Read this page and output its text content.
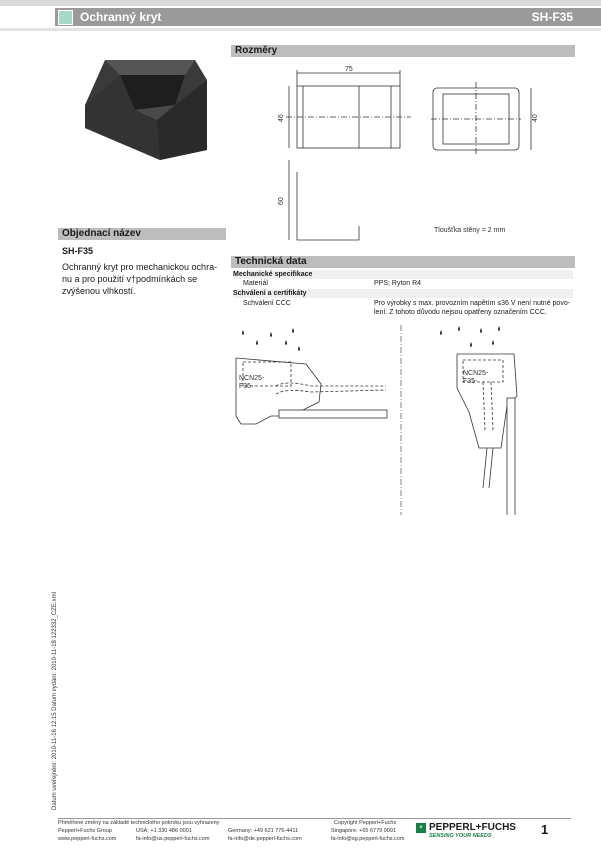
Ochranný kryt	SH-F35
Objednací název
SH-F35
Ochranný kryt pro mechanickou ochra-
nu a pro použití v†podmínkách se
zvýšenou vlhkostí.
Rozměry
75
46	40
60
Tloušťka stěny = 2 mm
Technická data
Mechanické specifikace
Materiál	PPS; Ryton R4
Schválení a certifikáty
Schválení CCC	Pro výrobky s max. provozním napětím ≤36 V není nutné povo-
lení. Z tohoto důvodu nejsou opatřeny označením CCC.
NCN25-
F35-
NCN25-
F35-
Datum uveřejnění: 2010-11-16 12:15 Datum vydání: 2010-11-18 122332_CZE.xml
Přiměřené změny na základě technického pokroku jsou vyhrazeny	Copyright Pepperl+Fuchs
Pepperl+Fuchs Group
www.pepperl-fuchs.com
USA: +1 330 486 0001
fa-info@us.pepperl-fuchs.com
Germany: +49 621 776-4411
fa-info@de.pepperl-fuchs.com
Singapore: +65 6779 9091
fa-info@sg.pepperl-fuchs.com
+ PEPPERL+FUCHS
SENSING YOUR NEEDS	1
